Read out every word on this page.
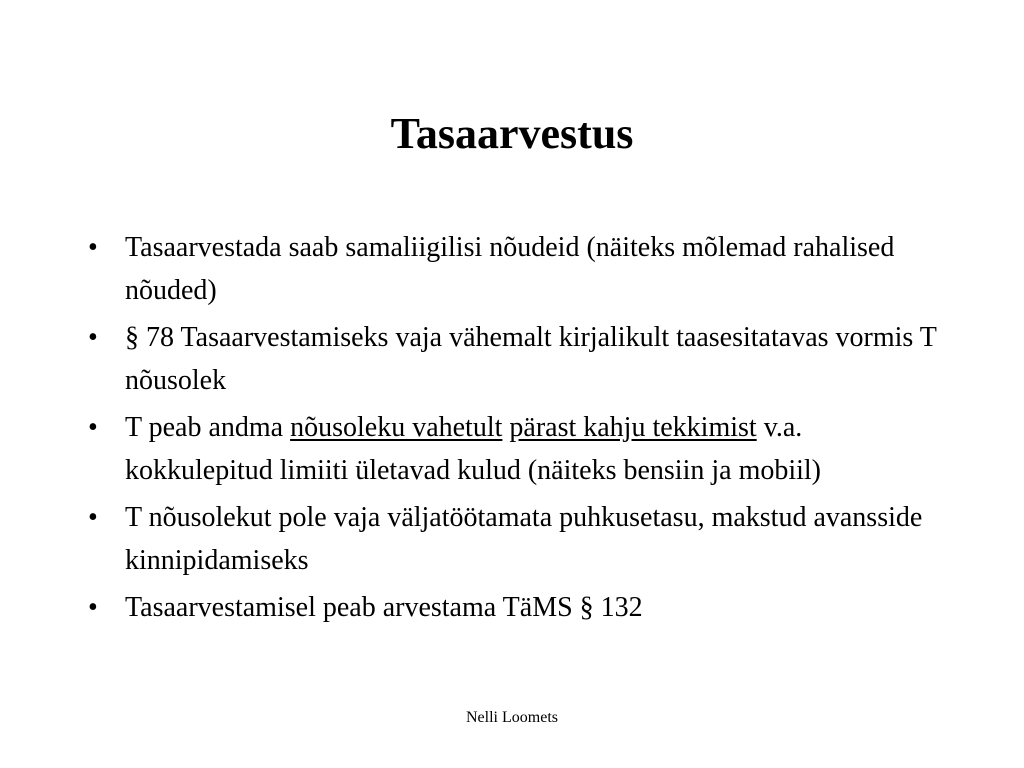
Tasaarvestus
• Tasaarvestada saab samaliigilisi nõudeid (näiteks mõlemad rahalised nõuded)
• § 78 Tasaarvestamiseks vaja vähemalt kirjalikult taasesitatavas vormis T nõusolek
• T peab andma nõusoleku vahetult pärast kahju tekkimist v.a. kokkulepitud limiiti ületavad kulud (näiteks bensiin ja mobiil)
• T nõusolekut pole vaja väljatöötamata puhkusetasu, makstud avansside kinnipidamiseks
• Tasaarvestamisel peab arvestama TäMS § 132
Nelli Loomets
